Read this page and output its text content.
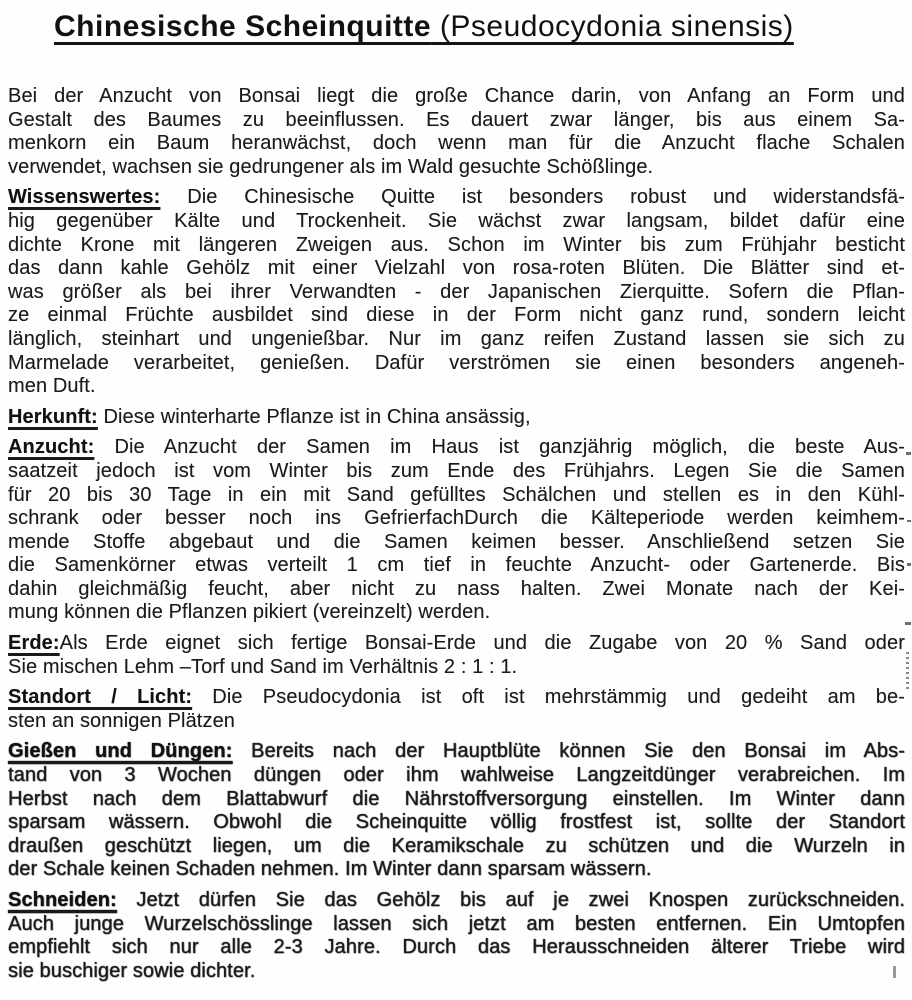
Chinesische Scheinquitte (Pseudocydonia sinensis)
Bei der Anzucht von Bonsai liegt die große Chance darin, von Anfang an Form und
Gestalt des Baumes zu beeinflussen. Es dauert zwar länger, bis aus einem Sa-
menkorn ein Baum heranwächst, doch wenn man für die Anzucht flache Schalen
verwendet, wachsen sie gedrungener als im Wald gesuchte Schößlinge.
Wissenswertes: Die Chinesische Quitte ist besonders robust und widerstandsfä-
hig gegenüber Kälte und Trockenheit. Sie wächst zwar langsam, bildet dafür eine
dichte Krone mit längeren Zweigen aus. Schon im Winter bis zum Frühjahr besticht
das dann kahle Gehölz mit einer Vielzahl von rosa-roten Blüten. Die Blätter sind et-
was größer als bei ihrer Verwandten - der Japanischen Zierquitte. Sofern die Pflan-
ze einmal Früchte ausbildet sind diese in der Form nicht ganz rund, sondern leicht
länglich, steinhart und ungenießbar. Nur im ganz reifen Zustand lassen sie sich zu
Marmelade verarbeitet, genießen. Dafür verströmen sie einen besonders angeneh-
men Duft.
Herkunft: Diese winterharte Pflanze ist in China ansässig,
Anzucht: Die Anzucht der Samen im Haus ist ganzjährig möglich, die beste Aus-
saatzeit jedoch ist vom Winter bis zum Ende des Frühjahrs. Legen Sie die Samen
für 20 bis 30 Tage in ein mit Sand gefülltes Schälchen und stellen es in den Kühl-
schrank oder besser noch ins GefrierfachDurch die Kälteperiode werden keimhem-
mende Stoffe abgebaut und die Samen keimen besser. Anschließend setzen Sie
die Samenkörner etwas verteilt 1 cm tief in feuchte Anzucht- oder Gartenerde. Bis
dahin gleichmäßig feucht, aber nicht zu nass halten. Zwei Monate nach der Kei-
mung können die Pflanzen pikiert (vereinzelt) werden.
Erde:Als Erde eignet sich fertige Bonsai-Erde und die Zugabe von 20 % Sand oder
Sie mischen Lehm –Torf und Sand im Verhältnis 2 : 1 : 1.
Standort / Licht: Die Pseudocydonia ist oft ist mehrstämmig und gedeiht am be-
sten an sonnigen Plätzen
Gießen und Düngen: Bereits nach der Hauptblüte können Sie den Bonsai im Abs-
tand von 3 Wochen düngen oder ihm wahlweise Langzeitdünger verabreichen. Im
Herbst nach dem Blattabwurf die Nährstoffversorgung einstellen. Im Winter dann
sparsam wässern. Obwohl die Scheinquitte völlig frostfest ist, sollte der Standort
draußen geschützt liegen, um die Keramikschale zu schützen und die Wurzeln in
der Schale keinen Schaden nehmen. Im Winter dann sparsam wässern.
Schneiden: Jetzt dürfen Sie das Gehölz bis auf je zwei Knospen zurückschneiden.
Auch junge Wurzelschösslinge lassen sich jetzt am besten entfernen. Ein Umtopfen
empfiehlt sich nur alle 2-3 Jahre. Durch das Herausschneiden älterer Triebe wird
sie buschiger sowie dichter.
